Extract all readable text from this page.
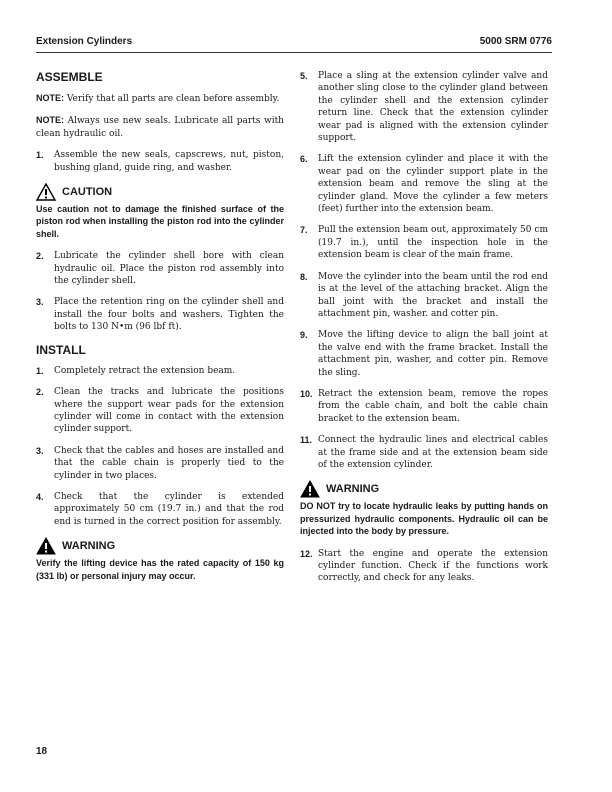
Extension Cylinders	5000 SRM 0776
ASSEMBLE

NOTE: Verify that all parts are clean before assembly.

NOTE: Always use new seals. Lubricate all parts with clean hydraulic oil.

1.	Assemble the new seals, capscrews, nut, piston, bushing gland, guide ring, and washer.
CAUTION
Use caution not to damage the finished surface of the piston rod when installing the piston rod into the cylinder shell.
2.	Lubricate the cylinder shell bore with clean hydraulic oil. Place the piston rod assembly into the cylinder shell.
3.	Place the retention ring on the cylinder shell and install the four bolts and washers. Tighten the bolts to 130 N•m (96 lbf ft).
INSTALL
1.	Completely retract the extension beam.
2.	Clean the tracks and lubricate the positions where the support wear pads for the extension cylinder will come in contact with the extension cylinder support.
3.	Check that the cables and hoses are installed and that the cable chain is properly tied to the cylinder in two places.
4.	Check that the cylinder is extended approximately 50 cm (19.7 in.) and that the rod end is turned in the correct position for assembly.
WARNING
Verify the lifting device has the rated capacity of 150 kg (331 lb) or personal injury may occur.
5.	Place a sling at the extension cylinder valve and another sling close to the cylinder gland between the cylinder shell and the extension cylinder return line. Check that the extension cylinder wear pad is aligned with the extension cylinder support.
6.	Lift the extension cylinder and place it with the wear pad on the cylinder support plate in the extension beam and remove the sling at the cylinder gland. Move the cylinder a few meters (feet) further into the extension beam.
7.	Pull the extension beam out, approximately 50 cm (19.7 in.), until the inspection hole in the extension beam is clear of the main frame.
8.	Move the cylinder into the beam until the rod end is at the level of the attaching bracket. Align the ball joint with the bracket and install the attachment pin, washer. and cotter pin.
9.	Move the lifting device to align the ball joint at the valve end with the frame bracket. Install the attachment pin, washer, and cotter pin. Remove the sling.
10. Retract the extension beam, remove the ropes from the cable chain, and bolt the cable chain bracket to the extension beam.
11. Connect the hydraulic lines and electrical cables at the frame side and at the extension beam side of the extension cylinder.
WARNING
DO NOT try to locate hydraulic leaks by putting hands on pressurized hydraulic components. Hydraulic oil can be injected into the body by pressure.
12. Start the engine and operate the extension cylinder function. Check if the functions work correctly, and check for any leaks.
18
